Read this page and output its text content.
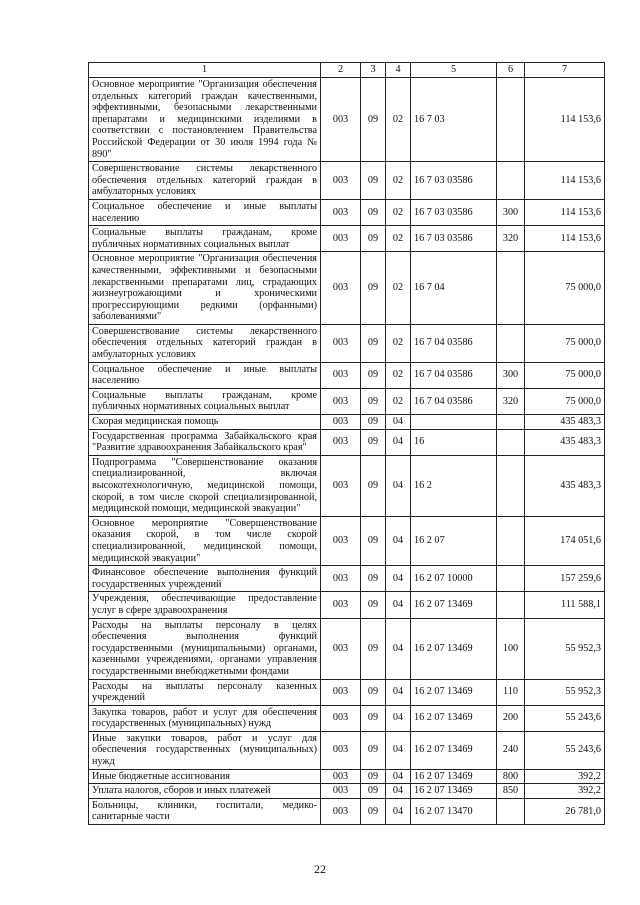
1	2	3	4	5	6	7
Основное мероприятие "Организация обеспечения отдельных категорий граждан качественными, эффективными, безопасными лекарственными препаратами и медицинскими изделиями в соответствии с постановлением Правительства Российской Федерации от 30 июля 1994 года № 890"	003	09	02	16 7 03		114 153,6
Совершенствование системы лекарственного обеспечения отдельных категорий граждан в амбулаторных условиях	003	09	02	16 7 03 03586		114 153,6
Социальное обеспечение и иные выплаты населению	003	09	02	16 7 03 03586	300	114 153,6
Социальные выплаты гражданам, кроме публичных нормативных социальных выплат	003	09	02	16 7 03 03586	320	114 153,6
Основное мероприятие "Организация обеспечения качественными, эффективными и безопасными лекарственными препаратами лиц, страдающих жизнеугрожающими и хроническими прогрессирующими редкими (орфанными) заболеваниями"	003	09	02	16 7 04		75 000,0
Совершенствование системы лекарственного обеспечения отдельных категорий граждан в амбулаторных условиях	003	09	02	16 7 04 03586		75 000,0
Социальное обеспечение и иные выплаты населению	003	09	02	16 7 04 03586	300	75 000,0
Социальные выплаты гражданам, кроме публичных нормативных социальных выплат	003	09	02	16 7 04 03586	320	75 000,0
Скорая медицинская помощь	003	09	04			435 483,3
Государственная программа Забайкальского края "Развитие здравоохранения Забайкальского края"	003	09	04	16		435 483,3
Подпрограмма "Совершенствование оказания специализированной, включая высокотехнологичную, медицинской помощи, скорой, в том числе скорой специализированной, медицинской помощи, медицинской эвакуации"	003	09	04	16 2		435 483,3
Основное мероприятие "Совершенствование оказания скорой, в том числе скорой специализированной, медицинской помощи, медицинской эвакуации"	003	09	04	16 2 07		174 051,6
Финансовое обеспечение выполнения функций государственных учреждений	003	09	04	16 2 07 10000		157 259,6
Учреждения, обеспечивающие предоставление услуг в сфере здравоохранения	003	09	04	16 2 07 13469		111 588,1
Расходы на выплаты персоналу в целях обеспечения выполнения функций государственными (муниципальными) органами, казенными учреждениями, органами управления государственными внебюджетными фондами	003	09	04	16 2 07 13469	100	55 952,3
Расходы на выплаты персоналу казенных учреждений	003	09	04	16 2 07 13469	110	55 952,3
Закупка товаров, работ и услуг для обеспечения государственных (муниципальных) нужд	003	09	04	16 2 07 13469	200	55 243,6
Иные закупки товаров, работ и услуг для обеспечения государственных (муниципальных) нужд	003	09	04	16 2 07 13469	240	55 243,6
Иные бюджетные ассигнования	003	09	04	16 2 07 13469	800	392,2
Уплата налогов, сборов и иных платежей	003	09	04	16 2 07 13469	850	392,2
Больницы, клиники, госпитали, медико-санитарные части	003	09	04	16 2 07 13470		26 781,0
22
